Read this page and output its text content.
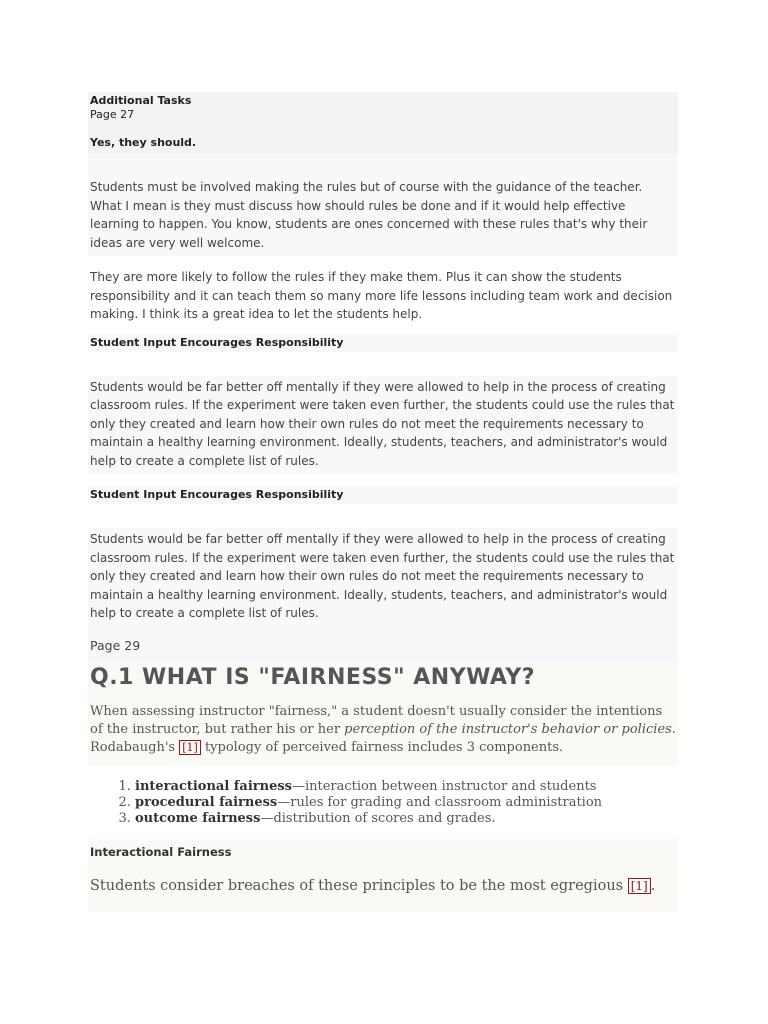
Additional Tasks
Page 27
Yes, they should.
Students must be involved making the rules but of course with the guidance of the teacher. What I mean is they must discuss how should rules be done and if it would help effective learning to happen. You know, students are ones concerned with these rules that's why their ideas are very well welcome.
They are more likely to follow the rules if they make them. Plus it can show the students responsibility and it can teach them so many more life lessons including team work and decision making. I think its a great idea to let the students help.
Student Input Encourages Responsibility
Students would be far better off mentally if they were allowed to help in the process of creating classroom rules. If the experiment were taken even further, the students could use the rules that only they created and learn how their own rules do not meet the requirements necessary to maintain a healthy learning environment. Ideally, students, teachers, and administrator's would help to create a complete list of rules.
Student Input Encourages Responsibility
Students would be far better off mentally if they were allowed to help in the process of creating classroom rules. If the experiment were taken even further, the students could use the rules that only they created and learn how their own rules do not meet the requirements necessary to maintain a healthy learning environment. Ideally, students, teachers, and administrator's would help to create a complete list of rules.
Page 29
Q.1 WHAT IS "FAIRNESS" ANYWAY?
When assessing instructor "fairness," a student doesn't usually consider the intentions of the instructor, but rather his or her perception of the instructor's behavior or policies. Rodabaugh's [1] typology of perceived fairness includes 3 components.
1. interactional fairness—interaction between instructor and students
2. procedural fairness—rules for grading and classroom administration
3. outcome fairness—distribution of scores and grades.
Interactional Fairness
Students consider breaches of these principles to be the most egregious [1] .
